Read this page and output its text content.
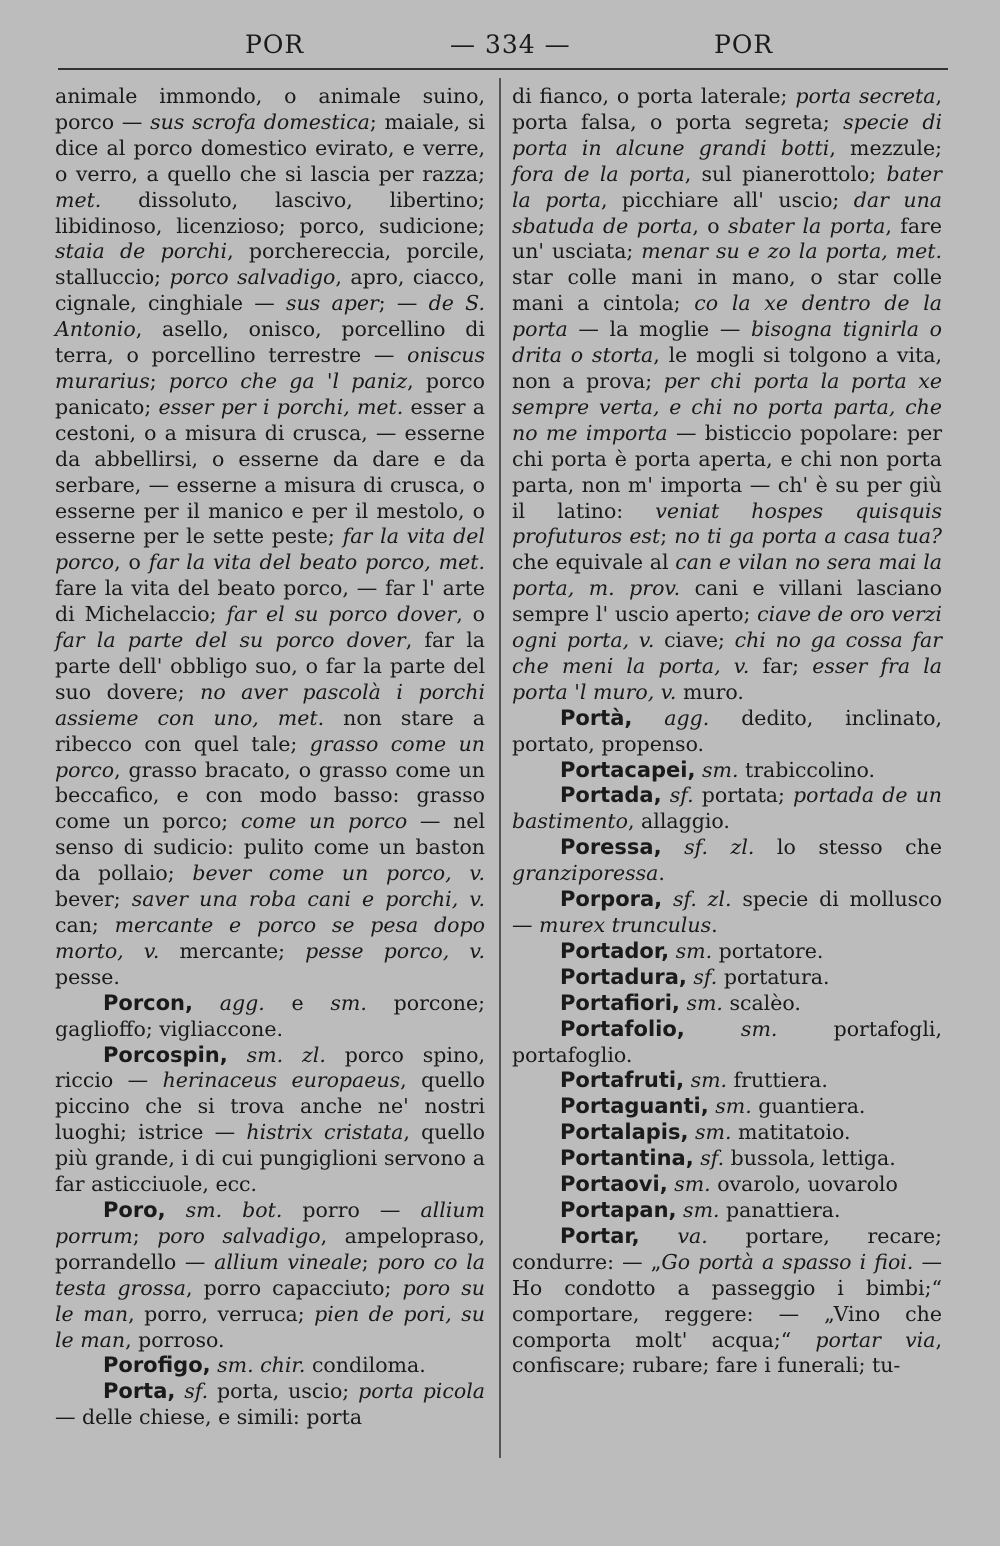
POR	— 334 —	POR

animale immondo, o animale suino, porco — sus scrofa domestica; maiale, si dice al porco domestico evirato, e verre, o verro, a quello che si lascia per razza; met. dissoluto, lascivo, libertino; libidinoso, licenzioso; porco, sudicione; staia de porchi, porchereccia, porcile, stalluccio; porco salvadigo, apro, ciacco, cignale, cinghiale — sus aper; — de S. Antonio, asello, onisco, porcellino di terra, o porcellino terrestre — oniscus murarius; porco che ga 'l paniz, porco panicato; esser per i porchi, met. esser a cestoni, o a misura di crusca, — esserne da abbellirsi, o esserne da dare e da serbare, — esserne a misura di crusca, o esserne per il manico e per il mestolo, o esserne per le sette peste; far la vita del porco, o far la vita del beato porco, met. fare la vita del beato porco, — far l' arte di Michelaccio; far el su porco dover, o far la parte del su porco dover, far la parte dell' obbligo suo, o far la parte del suo dovere; no aver pascolà i porchi assieme con uno, met. non stare a ribecco con quel tale; grasso come un porco, grasso bracato, o grasso come un beccafico, e con modo basso: grasso come un porco; come un porco — nel senso di sudicio: pulito come un baston da pollaio; bever come un porco, v. bever; saver una roba cani e porchi, v. can; mercante e porco se pesa dopo morto, v. mercante; pesse porco, v. pesse.

Porcon, agg. e sm. porcone; gaglioffo; vigliaccone.

Porcospin, sm. zl. porco spino, riccio — herinaceus europaeus, quello piccino che si trova anche ne' nostri luoghi; istrice — histrix cristata, quello più grande, i di cui pungiglioni servono a far asticciuole, ecc.

Poro, sm. bot. porro — allium porrum; poro salvadigo, ampelopraso, porrandello — allium vineale; poro co la testa grossa, porro capacciuto; poro su le man, porro, verruca; pien de pori, su le man, porroso.

Porofigo, sm. chir. condiloma.

Porta, sf. porta, uscio; porta picola — delle chiese, e simili: porta

di fianco, o porta laterale; porta secreta, porta falsa, o porta segreta; specie di porta in alcune grandi botti, mezzule; fora de la porta, sul pianerottolo; bater la porta, picchiare all' uscio; dar una sbatuda de porta, o sbater la porta, fare un' usciata; menar su e zo la porta, met. star colle mani in mano, o star colle mani a cintola; co la xe dentro de la porta — la moglie — bisogna tignirla o drita o storta, le mogli si tolgono a vita, non a prova; per chi porta la porta xe sempre verta, e chi no porta parta, che no me importa — bisticcio popolare: per chi porta è porta aperta, e chi non porta parta, non m' importa — ch' è su per giù il latino: veniat hospes quisquis profuturos est; no ti ga porta a casa tua? che equivale al can e vilan no sera mai la porta, m. prov. cani e villani lasciano sempre l' uscio aperto; ciave de oro verzi ogni porta, v. ciave; chi no ga cossa far che meni la porta, v. far; esser fra la porta 'l muro, v. muro.

Portà, agg. dedito, inclinato, portato, propenso.

Portacapei, sm. trabiccolino.

Portada, sf. portata; portada de un bastimento, allaggio.

Poressa, sf. zl. lo stesso che granziporessa.

Porpora, sf. zl. specie di mollusco — murex trunculus.

Portador, sm. portatore.

Portadura, sf. portatura.

Portafiori, sm. scalèo.

Portafolio,	sm. portafogli, portafoglio.

Portafruti, sm. fruttiera.

Portaguanti, sm. guantiera.

Portalapis, sm. matitatoio.

Portantina, sf. bussola, lettiga.

Portaovi, sm. ovarolo, uovarolo

Portapan, sm. panattiera.

Portar, va. portare, recare; condurre: — „Go portà a spasso i fioi. — Ho condotto a passeggio i bimbi;“ comportare, reggere: — „Vino che comporta molt' acqua;“ portar via, confiscare; rubare; fare i funerali; tu-
